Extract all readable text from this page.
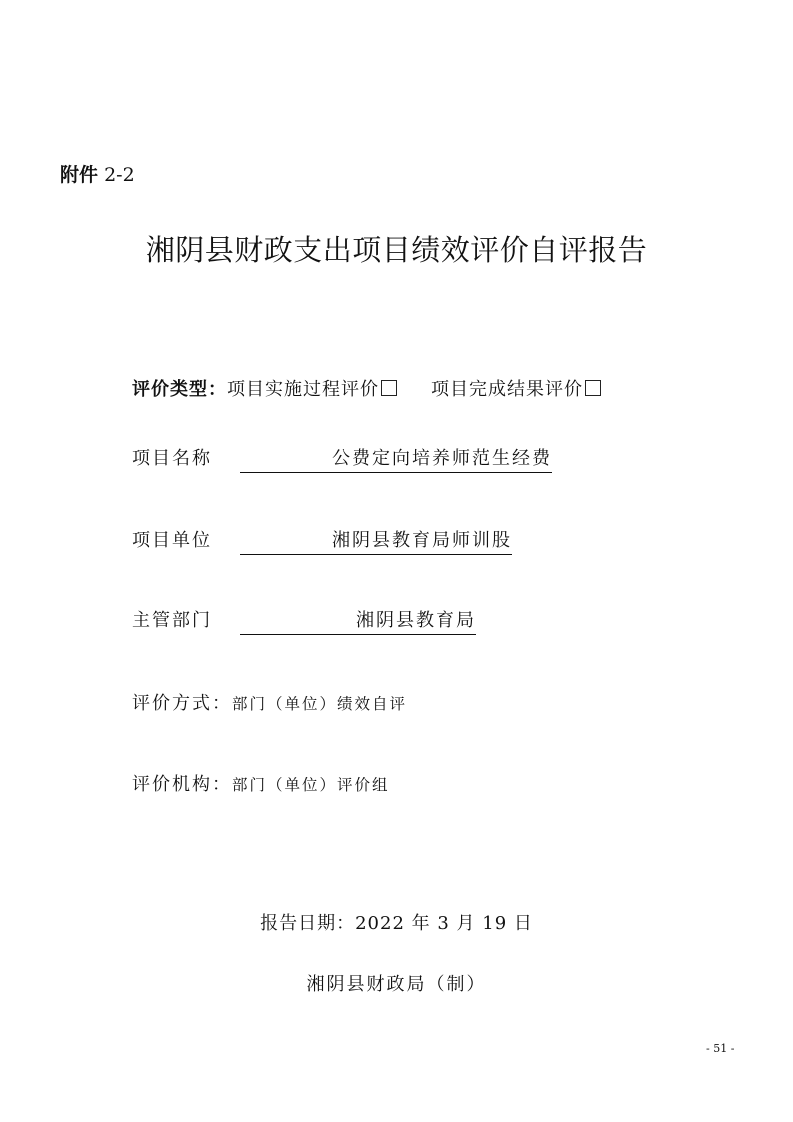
附件 2-2
湘阴县财政支出项目绩效评价自评报告
评价类型：项目实施过程评价	项目完成结果评价
项目名称	公费定向培养师范生经费
项目单位	湘阴县教育局师训股
主管部门	湘阴县教育局
评价方式：部门（单位）绩效自评
评价机构：部门（单位）评价组
报告日期：2022 年 3 月 19 日
湘阴县财政局（制）
- 51 -
